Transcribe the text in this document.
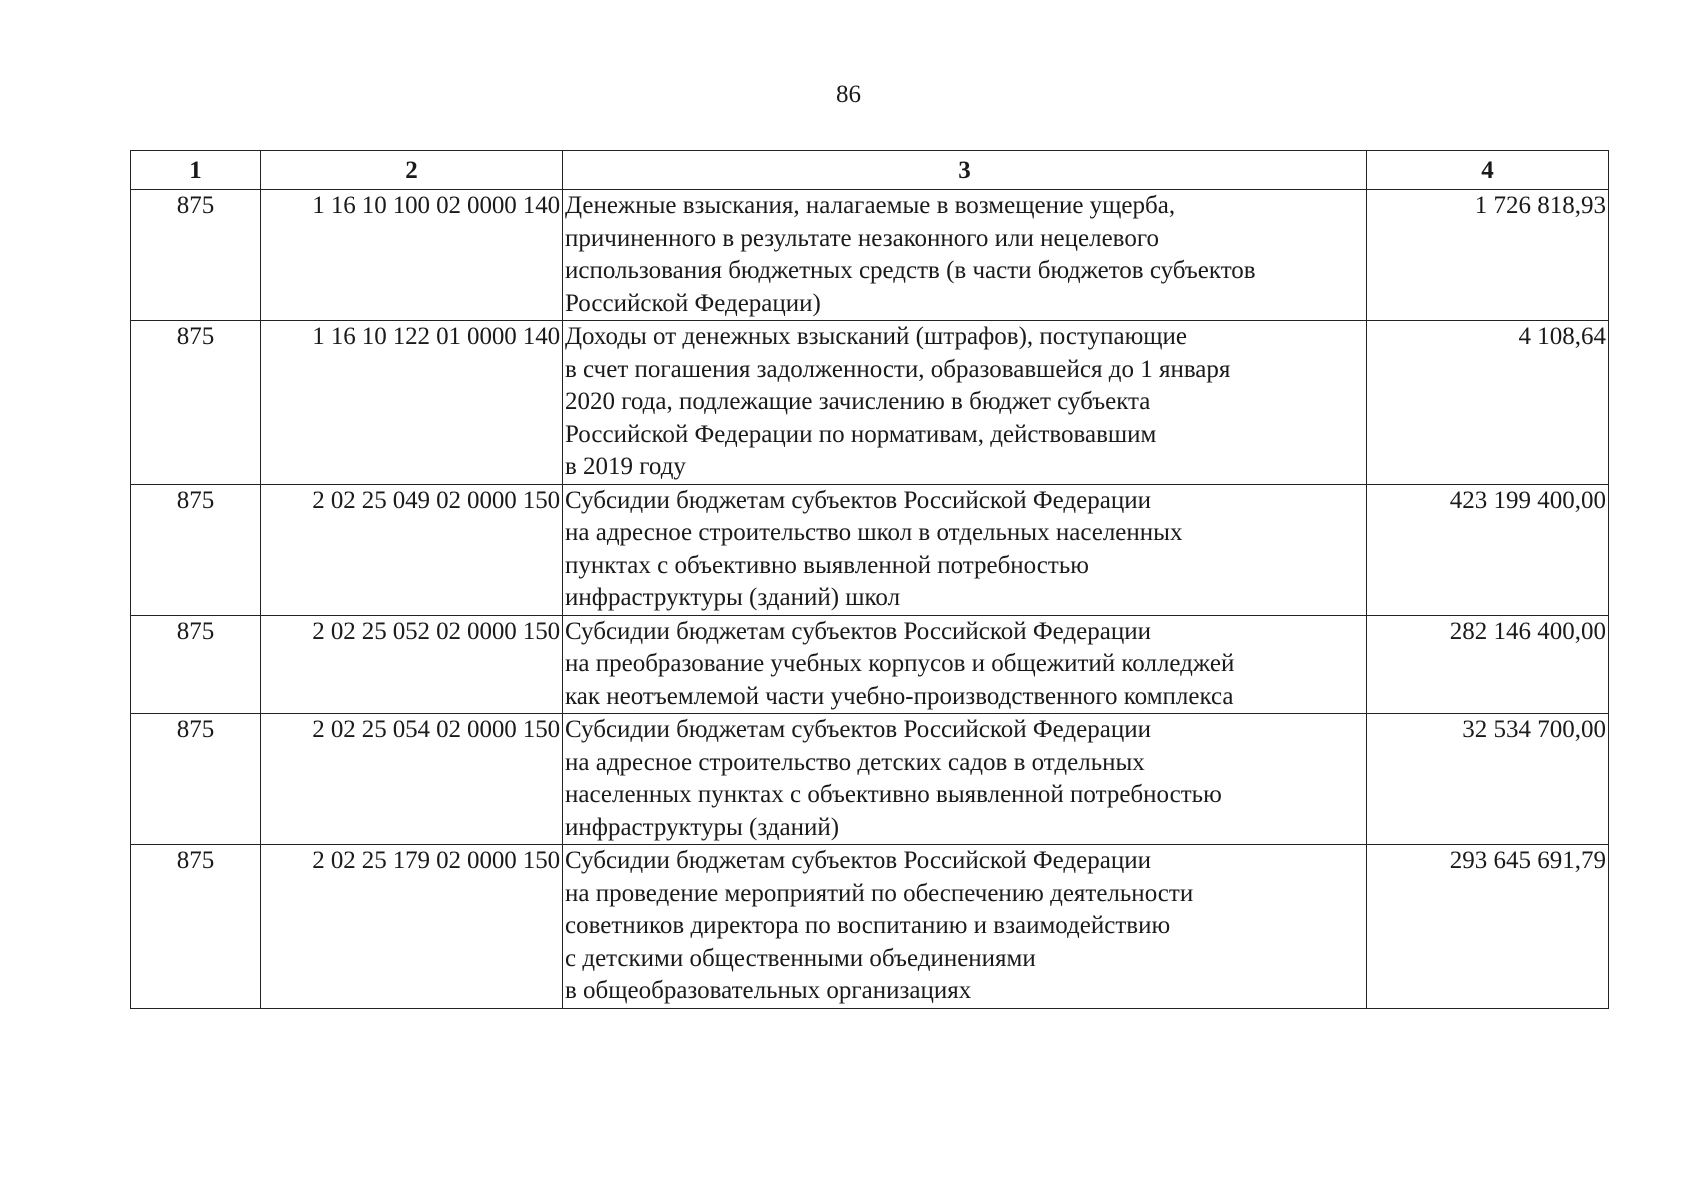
86
1	2	3	4
875	1 16 10 100 02 0000 140	Денежные взыскания, налагаемые в возмещение ущерба,
причиненного в результате незаконного или нецелевого
использования бюджетных средств (в части бюджетов субъектов
Российской Федерации)	1 726 818,93
875	1 16 10 122 01 0000 140	Доходы от денежных взысканий (штрафов), поступающие
в счет погашения задолженности, образовавшейся до 1 января
2020 года, подлежащие зачислению в бюджет субъекта
Российской Федерации по нормативам, действовавшим
в 2019 году	4 108,64
875	2 02 25 049 02 0000 150	Субсидии бюджетам субъектов Российской Федерации
на адресное строительство школ в отдельных населенных
пунктах с объективно выявленной потребностью
инфраструктуры (зданий) школ	423 199 400,00
875	2 02 25 052 02 0000 150	Субсидии бюджетам субъектов Российской Федерации
на преобразование учебных корпусов и общежитий колледжей
как неотъемлемой части учебно-производственного комплекса	282 146 400,00
875	2 02 25 054 02 0000 150	Субсидии бюджетам субъектов Российской Федерации
на адресное строительство детских садов в отдельных
населенных пунктах с объективно выявленной потребностью
инфраструктуры (зданий)	32 534 700,00
875	2 02 25 179 02 0000 150	Субсидии бюджетам субъектов Российской Федерации
на проведение мероприятий по обеспечению деятельности
советников директора по воспитанию и взаимодействию
с детскими общественными объединениями
в общеобразовательных организациях	293 645 691,79
